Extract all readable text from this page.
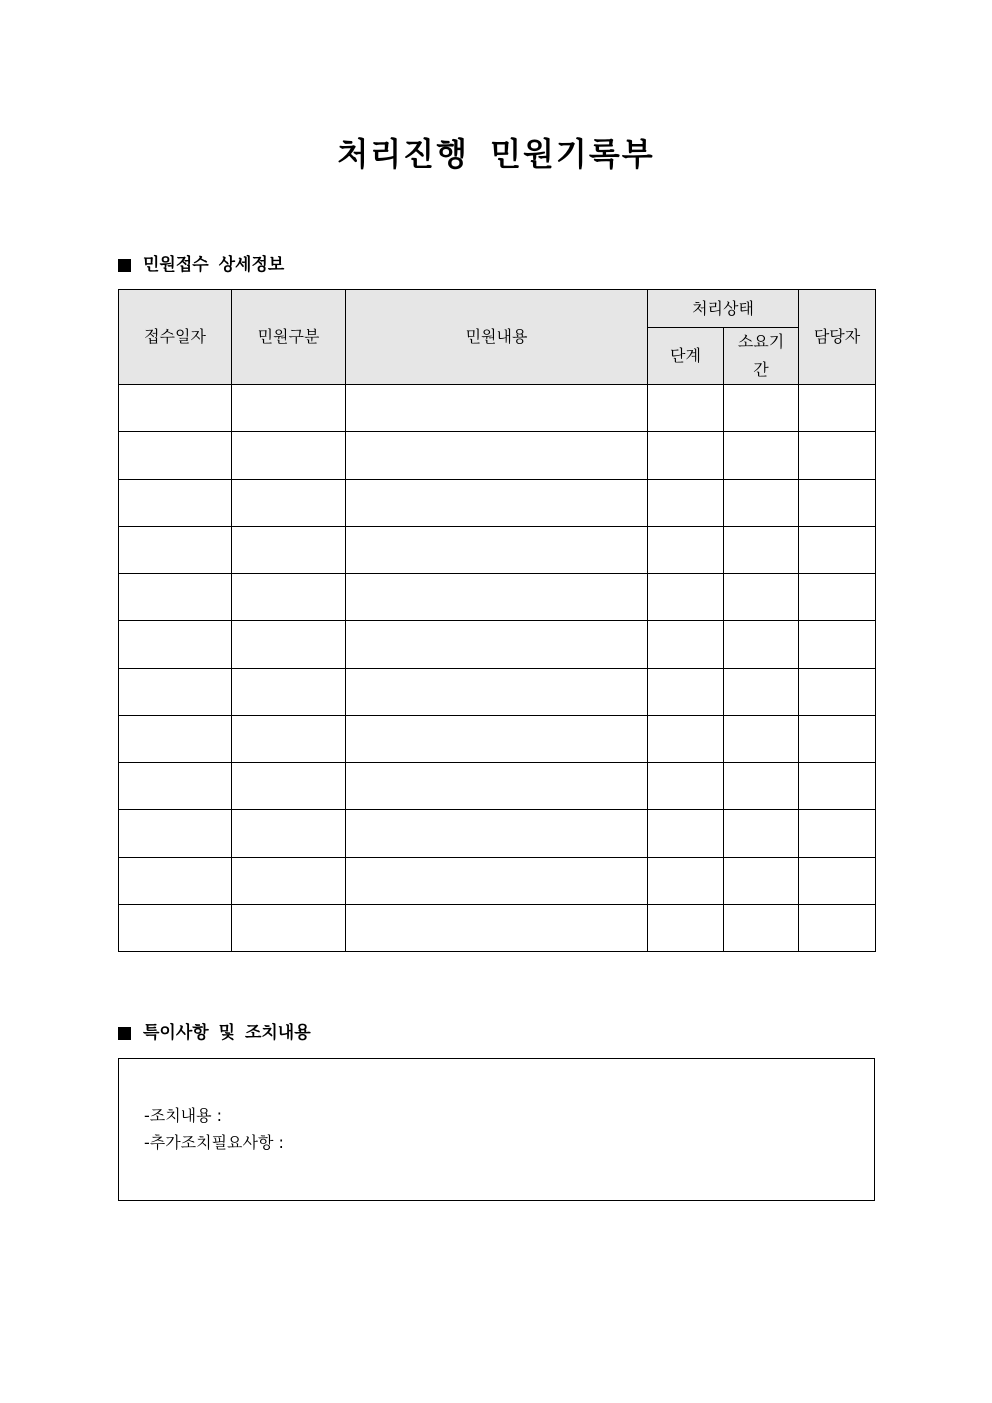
처리진행 민원기록부
민원접수 상세정보
접수일자	민원구분	민원내용	처리상태		담당자
			단계	소요기간	

특이사항 및 조치내용
-조치내용 :
-추가조치필요사항 :
